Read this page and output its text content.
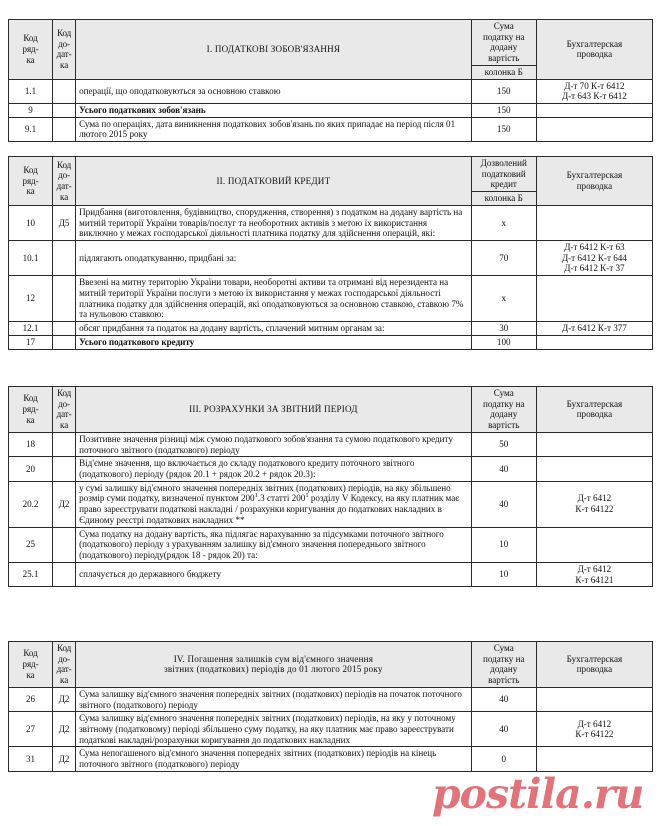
Код
ряд-
ка	Код
до-
дат-
ка	I. ПОДАТКОВІ ЗОБОВ'ЯЗАННЯ	Сума
податку на
додану
вартість	Бухгалтерская
проводка
			колонка Б	
1.1		операції, що оподатковуються за основною ставкою	150	Д-т 70 К-т 6412
Д-т 643 К-т 6412

9		Усього податкових зобов'язань	150	
9.1		Сума по операціях, дата виникнення податкових зобов'язань по яких припадає на період після 01 лютого 2015 року	150	
Код
ряд-
ка	Код
до-
дат-
ка	II. ПОДАТКОВИЙ КРЕДИТ	Дозволений
податковий
кредит	Бухгалтерская
проводка
			колонка Б	
10	Д5	Придбання (виготовлення, будівництво, спорудження, створення) з податком на додану вартість на митній території України товарів/послуг та необоротних активів з метою їх використання виключно у межах господарської діяльності платника податку для здійснення операцій, які:	х	
10.1		підлягають оподаткуванню, придбані за:	70	Д-т 6412 К-т 63
Д-т 6412 К-т 644
Д-т 6412 К-т 37

12		Ввезені на митну територію України товари, необоротні активи та отримані від нерезидента на митній території України послуги з метою їх використання у межах господарської діяльності платника податку для здійснення операцій, які оподатковуються за основною ставкою, ставкою 7% та нульовою ставкою:	х	
12.1		обсяг придбання та податок на додану вартість, сплачений митним органам за:	30	Д-т 6412 К-т 377

17		Усього податкового кредиту	100	
Код
ряд-
ка	Код
до-
дат-
ка	III. РОЗРАХУНКИ ЗА ЗВІТНИЙ ПЕРІОД	Сума
податку на
додану
вартість	Бухгалтерская
проводка
18		Позитивне значення різниці між сумою податкового зобов'язання та сумою податкового кредиту поточного звітного (податкового) періоду	50	
20		Від'ємне значення, що включається до складу податкового кредиту поточного звітного (податкового) періоду (рядок 20.1 + рядок 20.2 + рядок 20.3):	40	
20.2	Д2	у сумі залишку від'ємного значення попередніх звітних (податкових) періодів, на яку збільшено розмір суми податку, визначеної пунктом $200^1.3$ статті $200^1$ розділу V Кодексу, на яку платник має право зареєструвати податкові накладні / розрахунки коригування до податкових накладних в Єдиному реєстрі податкових накладних **	40	Д-т 6412
К-т 64122

25		Сума податку на додану вартість, яка підлягає нарахуванню за підсумками поточного звітного (податкового) періоду з урахуванням залишку від'ємного значення попереднього звітного (податкового) періоду(рядок 18 - рядок 20) та:	10	
25.1		сплачується до державного бюджету	10	Д-т 6412
К-т 64121
Код
ряд-
ка	Код
до-
дат-
ка	IV. Погашення залишків сум від'ємного значення
звітних (податкових) періодів до 01 лютого 2015 року	Сума
податку на
додану
вартість	Бухгалтерская
проводка
26	Д2	Сума залишку від'ємного значення попередніх звітних (податкових) періодів на початок поточного звітного (податкового) періоду	40	
27	Д2	Сума залишку від'ємного значення попередніх звітних (податкових) періодів, на яку у поточному звітному (податковому) періоді збільшено суму податку, на яку платник має право зареєструвати податкові накладні/розрахунки коригування до податкових накладних	40	Д-т 6412
К-т 64122

31	Д2	Сума непогашеного від'ємного значення попередніх звітних (податкових) періодів на кінець поточного звітного (податкового) періоду	0	
postila.ru
